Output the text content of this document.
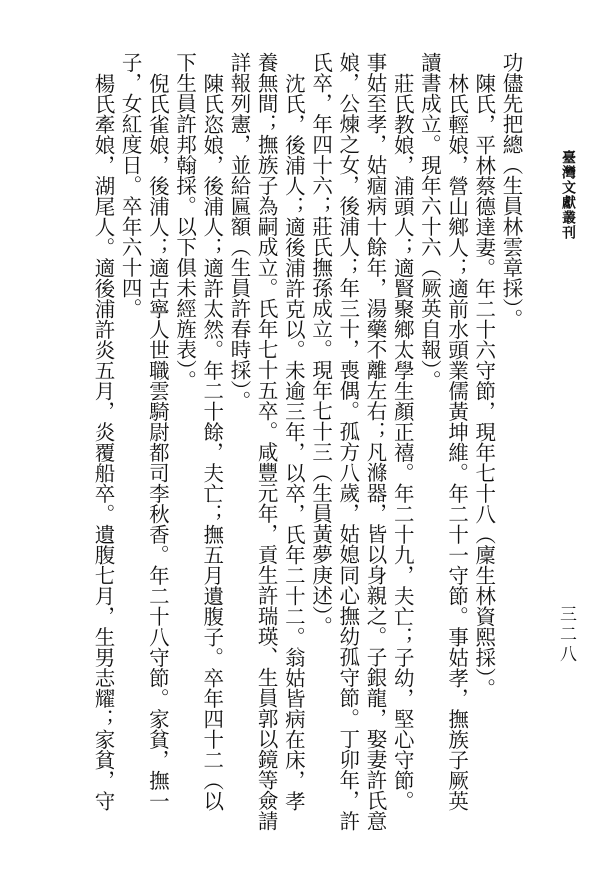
臺灣文獻叢刊
三二八
功儘先把總（生員林雲章採）。
陳氏，平林蔡德達妻。年二十六守節，現年七十八（廩生林資熙採）。
林氏輕娘，營山鄉人；適前水頭業儒黃坤維。年二十一守節。事姑孝，撫族子厥英
讀書成立。現年六十六（厥英自報）。
莊氏教娘，浦頭人；適賢聚鄉太學生顏正禧。年二十九，夫亡；子幼，堅心守節。
事姑至孝，姑痼病十餘年，湯藥不離左右；凡滌器，皆以身親之。子銀龍，娶妻許氏意
娘，公煉之女，後浦人；年三十，喪偶。孤方八歲，姑媳同心撫幼孤守節。丁卯年，許
氏卒，年四十六；莊氏撫孫成立。現年七十三（生員黃夢庚述）。
沈氏，後浦人；適後浦許克以。未逾三年，以卒，氏年二十二。翁姑皆病在床，孝
養無間；撫族子為嗣成立。氏年七十五卒。咸豐元年，貢生許瑞瑛、生員郭以鏡等僉請
詳報列憲，並給匾額（生員許春時採）。
陳氏恣娘，後浦人；適許太然。年二十餘，夫亡；撫五月遺腹子。卒年四十二（以
下生員許邦翰採。以下俱未經旌表）。
倪氏雀娘，後浦人；適古寧人世職雲騎尉都司李秋香。年二十八守節。家貧，撫一
子，女紅度日。卒年六十四。
楊氏牽娘，湖尾人。適後浦許炎五月，炎覆船卒。遺腹七月，生男志耀；家貧，守
